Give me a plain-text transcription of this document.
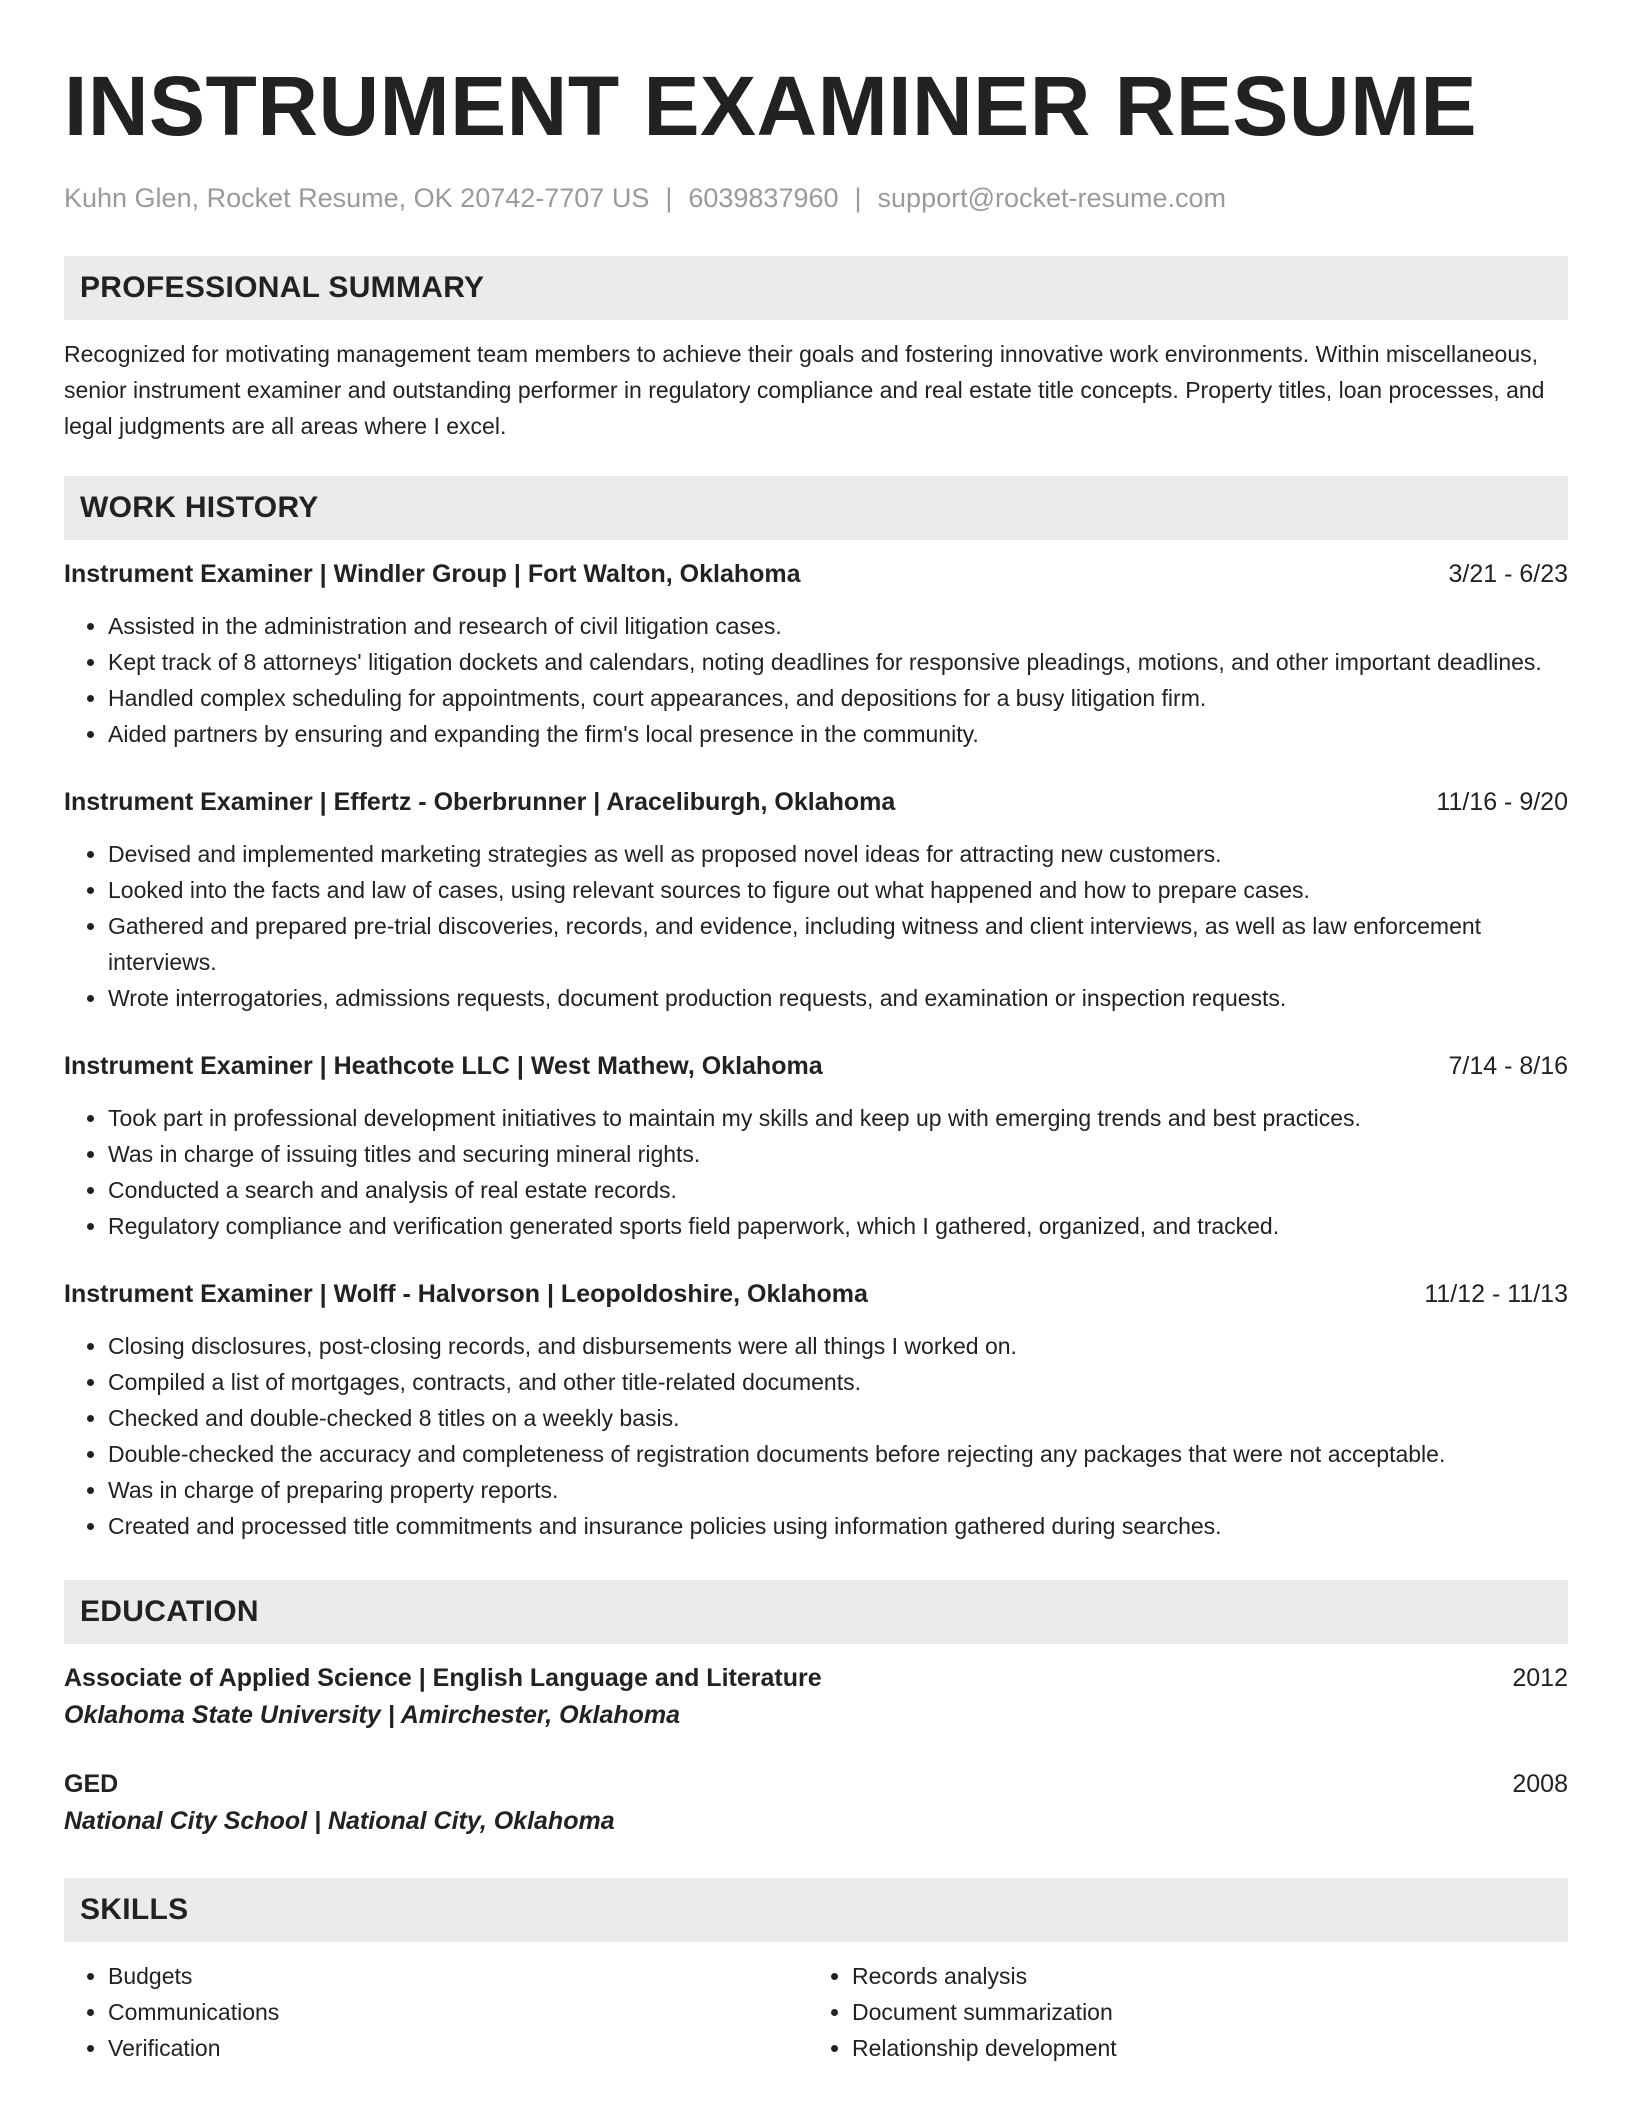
INSTRUMENT EXAMINER RESUME
Kuhn Glen, Rocket Resume, OK 20742-7707 US | 6039837960 | support@rocket-resume.com
PROFESSIONAL SUMMARY
Recognized for motivating management team members to achieve their goals and fostering innovative work environments. Within miscellaneous, senior instrument examiner and outstanding performer in regulatory compliance and real estate title concepts. Property titles, loan processes, and legal judgments are all areas where I excel.
WORK HISTORY
Instrument Examiner | Windler Group | Fort Walton, Oklahoma	3/21 - 6/23
• Assisted in the administration and research of civil litigation cases.
• Kept track of 8 attorneys' litigation dockets and calendars, noting deadlines for responsive pleadings, motions, and other important deadlines.
• Handled complex scheduling for appointments, court appearances, and depositions for a busy litigation firm.
• Aided partners by ensuring and expanding the firm's local presence in the community.
Instrument Examiner | Effertz - Oberbrunner | Araceliburgh, Oklahoma	11/16 - 9/20
• Devised and implemented marketing strategies as well as proposed novel ideas for attracting new customers.
• Looked into the facts and law of cases, using relevant sources to figure out what happened and how to prepare cases.
• Gathered and prepared pre-trial discoveries, records, and evidence, including witness and client interviews, as well as law enforcement interviews.
• Wrote interrogatories, admissions requests, document production requests, and examination or inspection requests.
Instrument Examiner | Heathcote LLC | West Mathew, Oklahoma	7/14 - 8/16
• Took part in professional development initiatives to maintain my skills and keep up with emerging trends and best practices.
• Was in charge of issuing titles and securing mineral rights.
• Conducted a search and analysis of real estate records.
• Regulatory compliance and verification generated sports field paperwork, which I gathered, organized, and tracked.
Instrument Examiner | Wolff - Halvorson | Leopoldoshire, Oklahoma	11/12 - 11/13
• Closing disclosures, post-closing records, and disbursements were all things I worked on.
• Compiled a list of mortgages, contracts, and other title-related documents.
• Checked and double-checked 8 titles on a weekly basis.
• Double-checked the accuracy and completeness of registration documents before rejecting any packages that were not acceptable.
• Was in charge of preparing property reports.
• Created and processed title commitments and insurance policies using information gathered during searches.
EDUCATION
Associate of Applied Science | English Language and Literature	2012
Oklahoma State University | Amirchester, Oklahoma
GED	2008
National City School | National City, Oklahoma
SKILLS
• Budgets
• Communications
• Verification
• Records analysis
• Document summarization
• Relationship development
